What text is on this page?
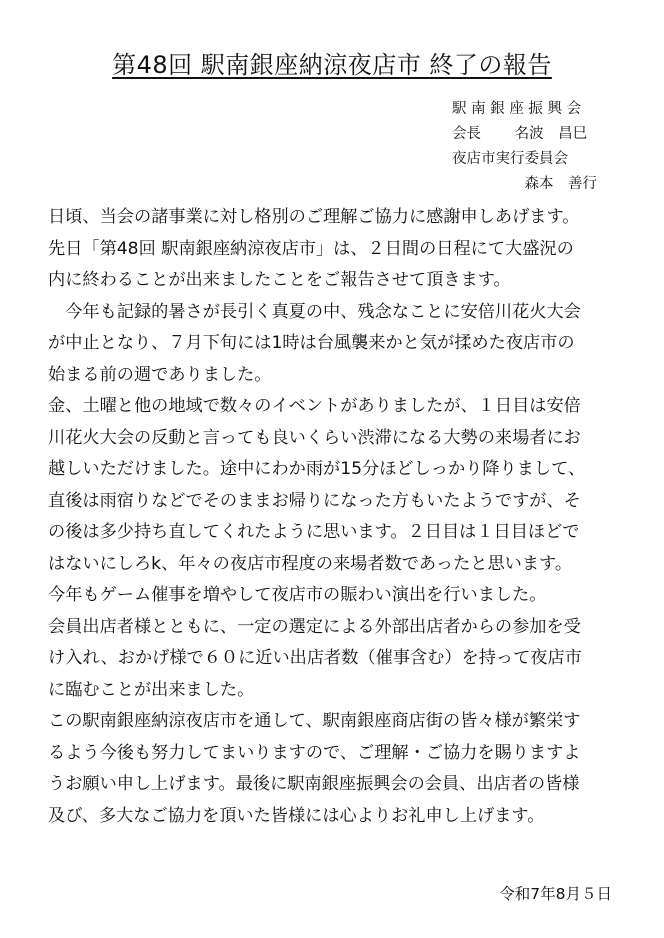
第48回 駅南銀座納涼夜店市 終了の報告
駅 南 銀 座 振 興 会
会長　　 名波　昌巳
夜店市実行委員会
　　　　　森本　善行

日頃、当会の諸事業に対し格別のご理解ご協力に感謝申しあげます。
先日「第48回 駅南銀座納涼夜店市」は、２日間の日程にて大盛況の
内に終わることが出来ましたことをご報告させて頂きます。

　今年も記録的暑さが長引く真夏の中、残念なことに安倍川花火大会
が中止となり、７月下旬には1時は台風襲来かと気が揉めた夜店市の
始まる前の週でありました。

金、土曜と他の地域で数々のイベントがありましたが、１日目は安倍
川花火大会の反動と言っても良いくらい渋滞になる大勢の来場者にお
越しいただけました。途中にわか雨が15分ほどしっかり降りまして、
直後は雨宿りなどでそのままお帰りになった方もいたようですが、そ
の後は多少持ち直してくれたように思います。２日目は１日目ほどで
はないにしろk、年々の夜店市程度の来場者数であったと思います。

今年もゲーム催事を増やして夜店市の賑わい演出を行いました。

会員出店者様とともに、一定の選定による外部出店者からの参加を受
け入れ、おかげ様で６０に近い出店者数（催事含む）を持って夜店市
に臨むことが出来ました。

この駅南銀座納涼夜店市を通して、駅南銀座商店街の皆々様が繁栄す
るよう今後も努力してまいりますので、ご理解・ご協力を賜りますよ
うお願い申し上げます。最後に駅南銀座振興会の会員、出店者の皆様
及び、多大なご協力を頂いた皆様には心よりお礼申し上げます。

令和7年8月５日
